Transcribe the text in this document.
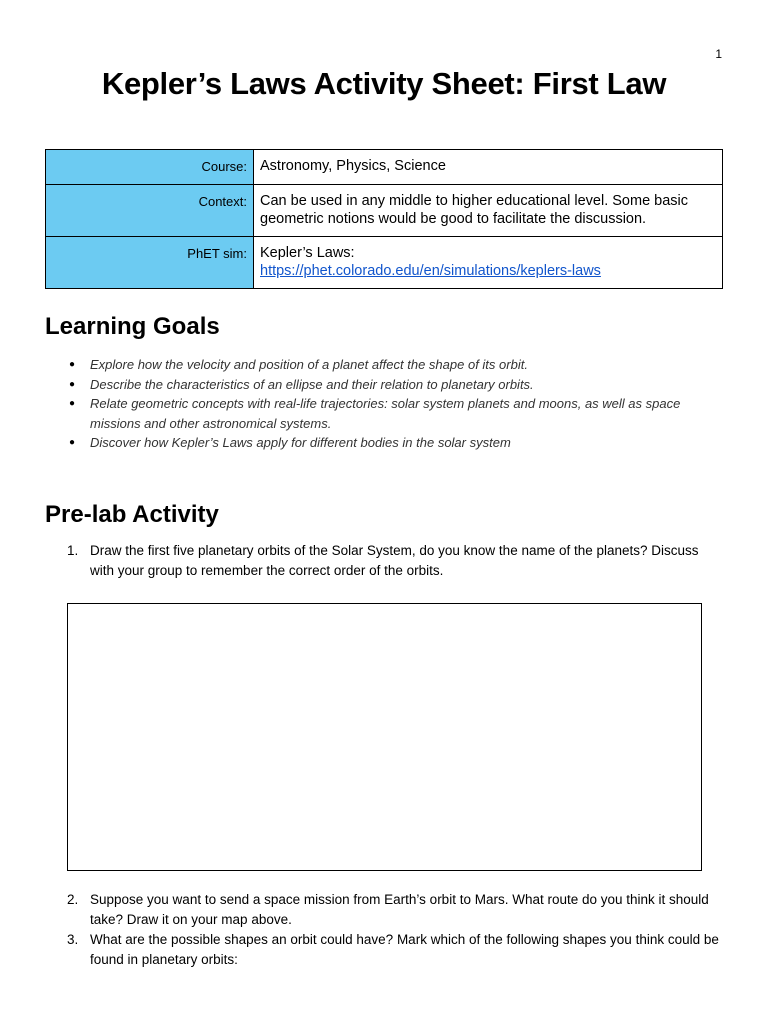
1
Kepler’s Laws Activity Sheet: First Law
Course:	Astronomy, Physics, Science
Context:	Can be used in any middle to higher educational level. Some basic geometric notions would be good to facilitate the discussion.
PhET sim:	Kepler’s Laws:
https://phet.colorado.edu/en/simulations/keplers-laws
Learning Goals
● Explore how the velocity and position of a planet affect the shape of its orbit.
● Describe the characteristics of an ellipse and their relation to planetary orbits.
● Relate geometric concepts with real-life trajectories: solar system planets and moons, as well as space missions and other astronomical systems.
● Discover how Kepler’s Laws apply for different bodies in the solar system
Pre-lab Activity
1. Draw the first five planetary orbits of the Solar System, do you know the name of the planets? Discuss with your group to remember the correct order of the orbits.
2. Suppose you want to send a space mission from Earth’s orbit to Mars. What route do you think it should take? Draw it on your map above.
3. What are the possible shapes an orbit could have? Mark which of the following shapes you think could be found in planetary orbits:
